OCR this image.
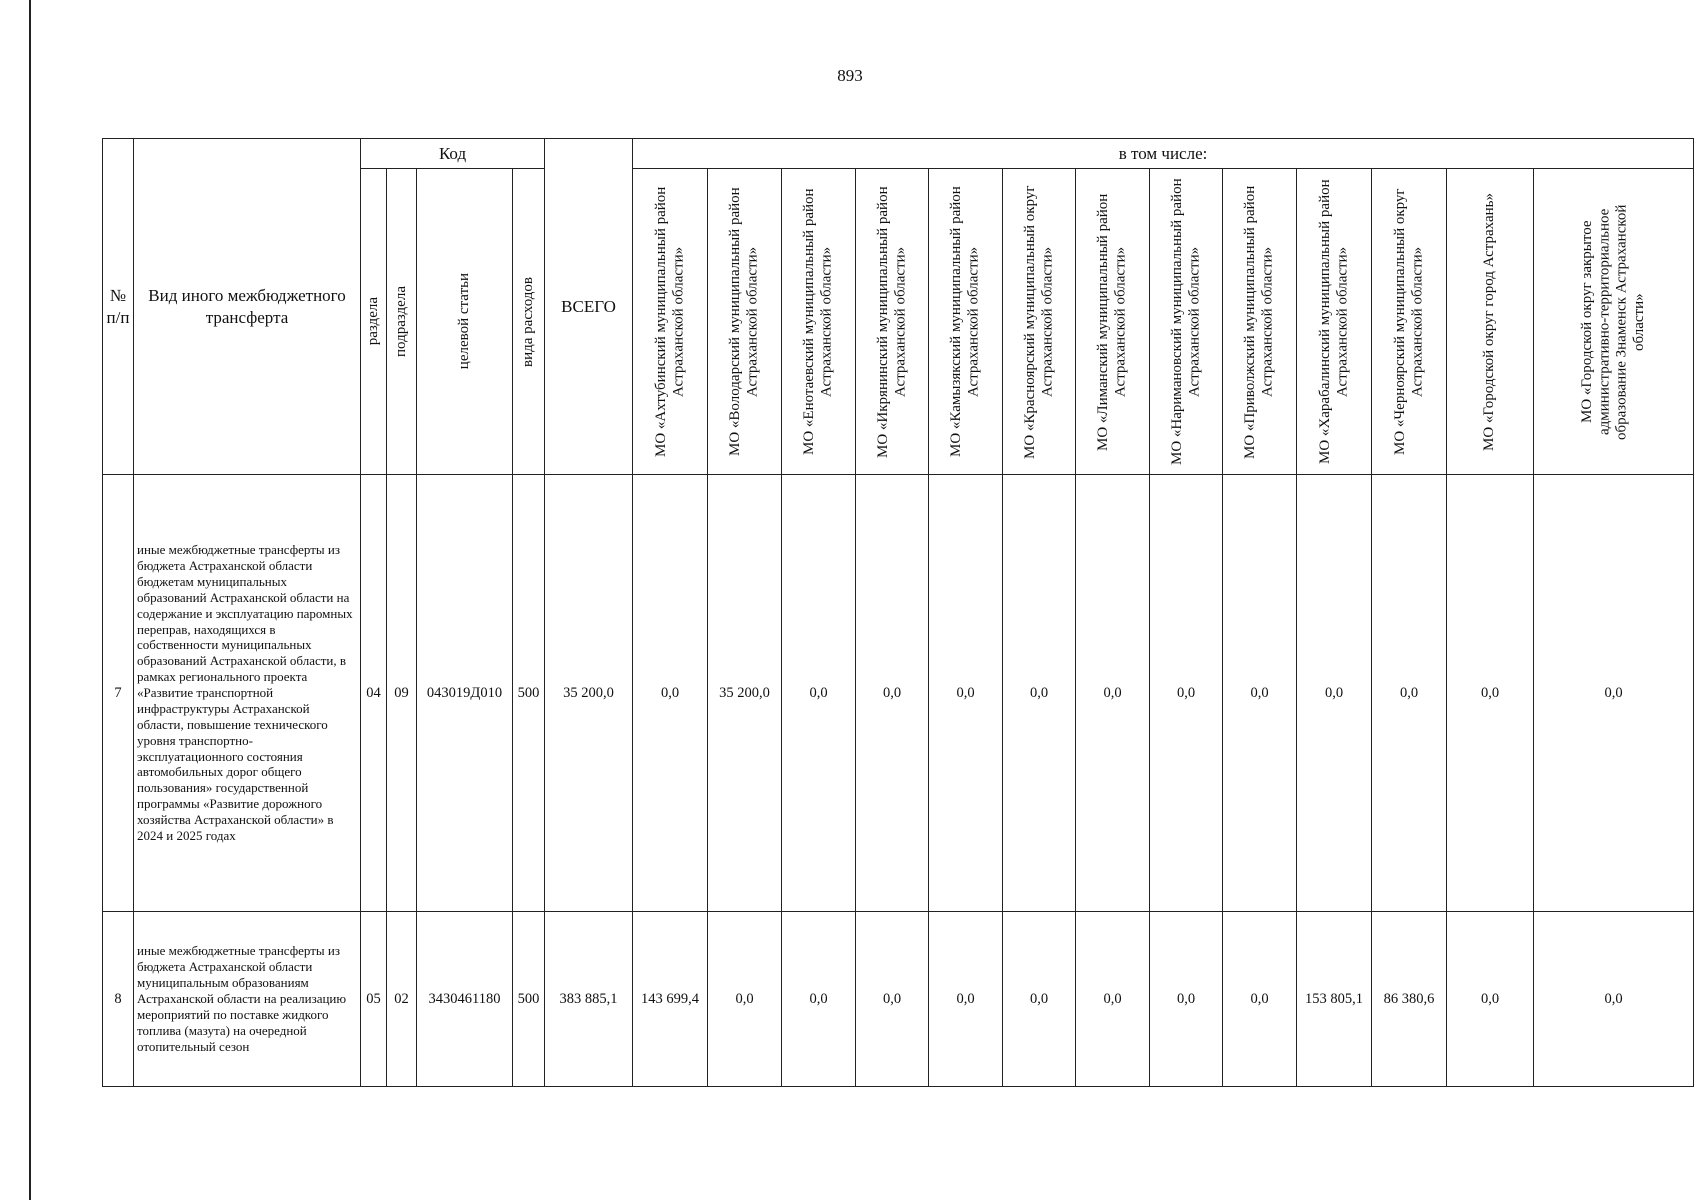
893
№ п/п	Вид иного межбюджетного трансферта	Код				ВСЕГО	в том числе:												

		раздела	подраздела	целевой статьи	вида расходов		МО «Ахтубинский муниципальный район Астраханской области»	МО «Володарский муниципальный район Астраханской области»	МО «Енотаевский муниципальный район Астраханской области»	МО «Икрянинский муниципальный район Астраханской области»	МО «Камызякский муниципальный район Астраханской области»	МО «Красноярский муниципальный округ Астраханской области»	МО «Лиманский муниципальный район Астраханской области»	МО «Наримановский муниципальный район Астраханской области»	МО «Приволжский муниципальный район Астраханской области»	МО «Харабалинский муниципальный район Астраханской области»	МО «Черноярский муниципальный округ Астраханской области»	МО «Городской округ город Астрахань»	МО «Городской округ закрытое административно-территориальное образование Знаменск Астраханской области»

7	иные межбюджетные трансферты из бюджета Астраханской области бюджетам муниципальных образований Астраханской области на содержание и эксплуатацию паромных переправ, находящихся в собственности муниципальных образований Астраханской области, в рамках регионального проекта «Развитие транспортной инфраструктуры Астраханской области, повышение технического уровня транспортно-эксплуатационного состояния автомобильных дорог общего пользования» государственной программы «Развитие дорожного хозяйства Астраханской области» в 2024 и 2025 годах	04	09	043019Д010	500	35 200,0	0,0	35 200,0	0,0	0,0	0,0	0,0	0,0	0,0	0,0	0,0	0,0	0,0	0,0
8	иные межбюджетные трансферты из бюджета Астраханской области муниципальным образованиям Астраханской области на реализацию мероприятий по поставке жидкого топлива (мазута) на очередной отопительный сезон	05	02	3430461180	500	383 885,1	143 699,4	0,0	0,0	0,0	0,0	0,0	0,0	0,0	0,0	153 805,1	86 380,6	0,0	0,0
